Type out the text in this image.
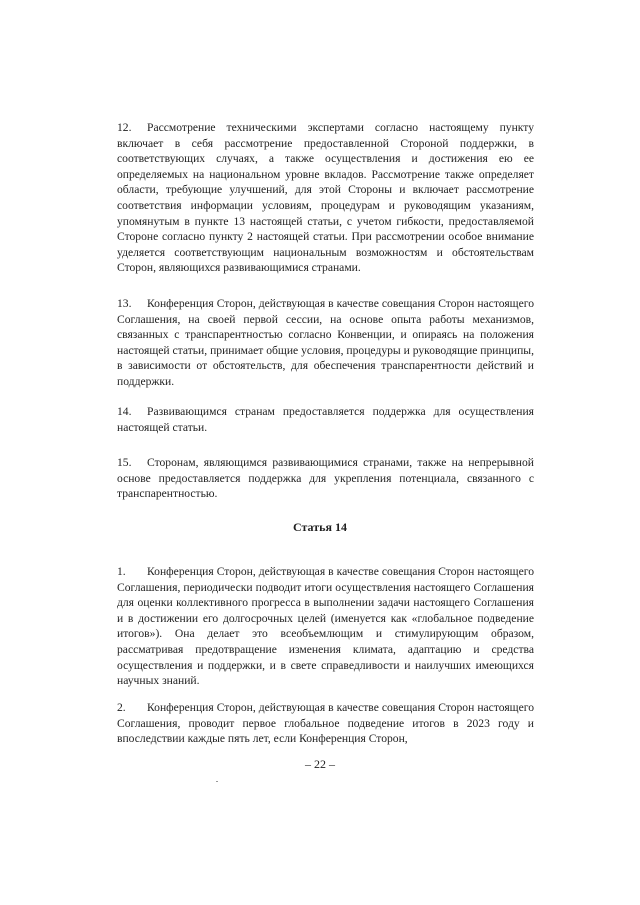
12. Рассмотрение техническими экспертами согласно настоящему пункту включает в себя рассмотрение предоставленной Стороной поддержки, в соответствующих случаях, а также осуществления и достижения ею ее определяемых на национальном уровне вкладов. Рассмотрение также определяет области, требующие улучшений, для этой Стороны и включает рассмотрение соответствия информации условиям, процедурам и руководящим указаниям, упомянутым в пункте 13 настоящей статьи, с учетом гибкости, предоставляемой Стороне согласно пункту 2 настоящей статьи. При рассмотрении особое внимание уделяется соответствующим национальным возможностям и обстоятельствам Сторон, являющихся развивающимися странами.

13. Конференция Сторон, действующая в качестве совещания Сторон настоящего Соглашения, на своей первой сессии, на основе опыта работы механизмов, связанных с транспарентностью согласно Конвенции, и опираясь на положения настоящей статьи, принимает общие условия, процедуры и руководящие принципы, в зависимости от обстоятельств, для обеспечения транспарентности действий и поддержки.

14. Развивающимся странам предоставляется поддержка для осуществления настоящей статьи.

15. Сторонам, являющимся развивающимися странами, также на непрерывной основе предоставляется поддержка для укрепления потенциала, связанного с транспарентностью.

Статья 14

1. Конференция Сторон, действующая в качестве совещания Сторон настоящего Соглашения, периодически подводит итоги осуществления настоящего Соглашения для оценки коллективного прогресса в выполнении задачи настоящего Соглашения и в достижении его долгосрочных целей (именуется как «глобальное подведение итогов»). Она делает это всеобъемлющим и стимулирующим образом, рассматривая предотвращение изменения климата, адаптацию и средства осуществления и поддержки, и в свете справедливости и наилучших имеющихся научных знаний.

2. Конференция Сторон, действующая в качестве совещания Сторон настоящего Соглашения, проводит первое глобальное подведение итогов в 2023 году и впоследствии каждые пять лет, если Конференция Сторон,

– 22 –
